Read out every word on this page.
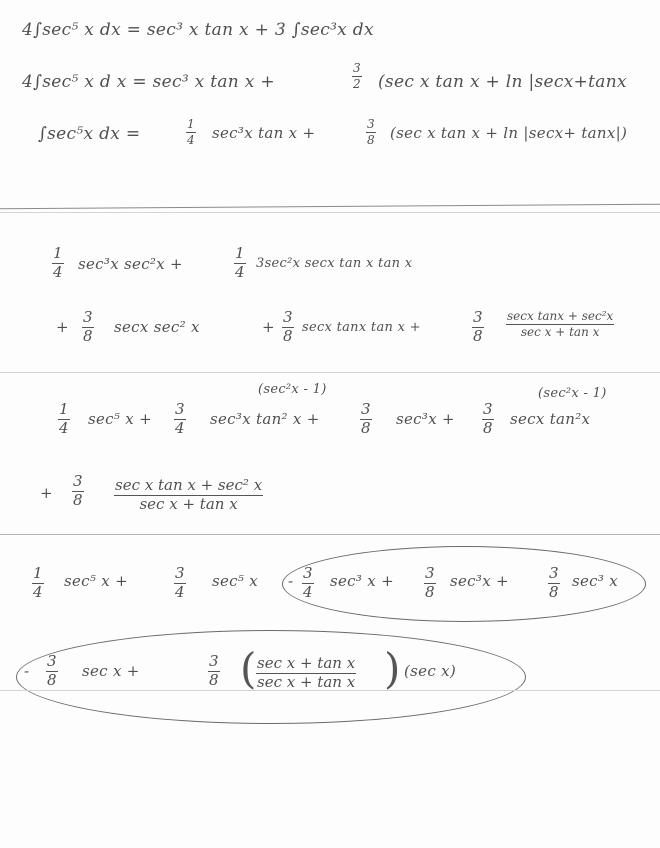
4∫sec⁵ x dx = sec³ x tan x + 3 ∫sec³x dx
4∫sec⁵ x d x = sec³ x tan x +
3
2 (sec x tan x + ln |secx+tanx
∫sec⁵x dx =	1
4 sec³x tan x +	3
8 (sec x tan x + ln |secx+ tanx|)
1
4 sec³x sec²x +
1
4 3sec²x secx tan x tan x
+
3
8 secx sec² x	+
3
8 secx tanx tan x +
3
8
secx tanx + sec²x
sec x + tan x
(sec²x - 1)	(sec²x - 1)
1
4 sec⁵ x +
3
4 sec³x tan² x +
3
8 sec³x +
3
8 secx tan²x
+
3
8
sec x tan x + sec² x
sec x + tan x
1
4
sec⁵ x +	3
4
sec⁵ x - 3
4
sec³ x + 3
8
sec³x +	3
8
sec³ x
-
3
8 sec x +
3
8 ( sec x + tan x
sec x + tan x ) (sec x)
